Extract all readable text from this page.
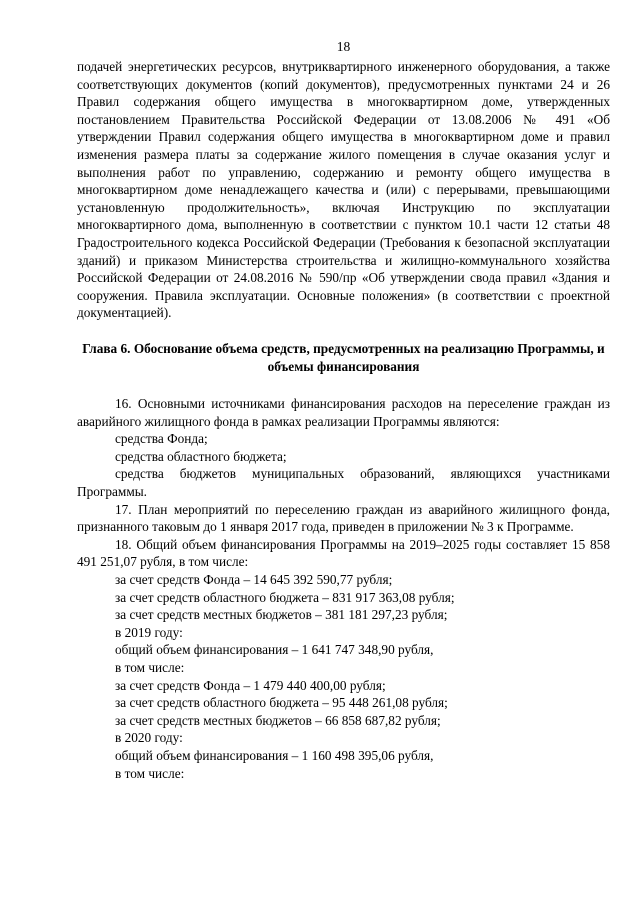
18

подачей энергетических ресурсов, внутриквартирного инженерного оборудования, а также соответствующих документов (копий документов), предусмотренных пунктами 24 и 26 Правил содержания общего имущества в многоквартирном доме, утвержденных постановлением Правительства Российской Федерации от 13.08.2006 № 491 «Об утверждении Правил содержания общего имущества в многоквартирном доме и правил изменения размера платы за содержание жилого помещения в случае оказания услуг и выполнения работ по управлению, содержанию и ремонту общего имущества в многоквартирном доме ненадлежащего качества и (или) с перерывами, превышающими установленную продолжительность», включая Инструкцию по эксплуатации многоквартирного дома, выполненную в соответствии с пунктом 10.1 части 12 статьи 48 Градостроительного кодекса Российской Федерации (Требования к безопасной эксплуатации зданий) и приказом Министерства строительства и жилищно-коммунального хозяйства Российской Федерации от 24.08.2016 № 590/пр «Об утверждении свода правил «Здания и сооружения. Правила эксплуатации. Основные положения» (в соответствии с проектной документацией).

Глава 6. Обоснование объема средств, предусмотренных на реализацию Программы, и объемы финансирования

16. Основными источниками финансирования расходов на переселение граждан из аварийного жилищного фонда в рамках реализации Программы являются:

средства Фонда;

средства областного бюджета;

средства бюджетов муниципальных образований, являющихся участниками Программы.

17. План мероприятий по переселению граждан из аварийного жилищного фонда, признанного таковым до 1 января 2017 года, приведен в приложении № 3 к Программе.

18. Общий объем финансирования Программы на 2019–2025 годы составляет 15 858 491 251,07 рубля, в том числе:

за счет средств Фонда – 14 645 392 590,77 рубля;

за счет средств областного бюджета – 831 917 363,08 рубля;

за счет средств местных бюджетов – 381 181 297,23 рубля;

в 2019 году:

общий объем финансирования – 1 641 747 348,90 рубля,

в том числе:

за счет средств Фонда – 1 479 440 400,00 рубля;

за счет средств областного бюджета – 95 448 261,08 рубля;

за счет средств местных бюджетов – 66 858 687,82 рубля;

в 2020 году:

общий объем финансирования – 1 160 498 395,06 рубля,

в том числе:
